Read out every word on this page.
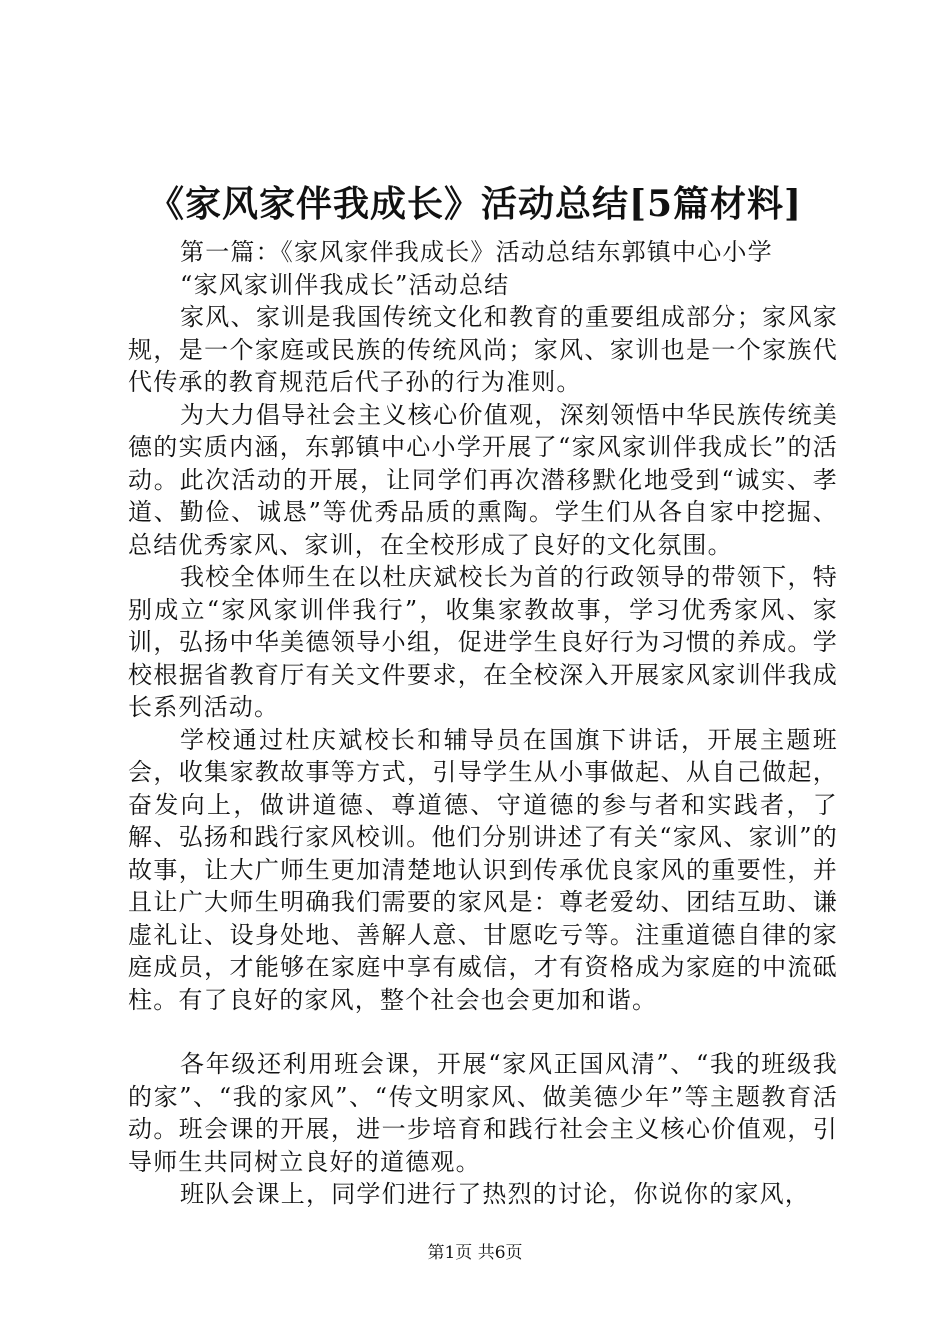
《家风家伴我成长》活动总结[5篇材料]

第一篇：《家风家伴我成长》活动总结东郭镇中心小学

“家风家训伴我成长”活动总结

家风、家训是我国传统文化和教育的重要组成部分；家风家规，是一个家庭或民族的传统风尚；家风、家训也是一个家族代代传承的教育规范后代子孙的行为准则。

为大力倡导社会主义核心价值观，深刻领悟中华民族传统美德的实质内涵，东郭镇中心小学开展了“家风家训伴我成长”的活动。此次活动的开展，让同学们再次潜移默化地受到“诚实、孝道、勤俭、诚恳”等优秀品质的熏陶。学生们从各自家中挖掘、总结优秀家风、家训，在全校形成了良好的文化氛围。

我校全体师生在以杜庆斌校长为首的行政领导的带领下，特别成立“家风家训伴我行”，收集家教故事，学习优秀家风、家训，弘扬中华美德领导小组，促进学生良好行为习惯的养成。学校根据省教育厅有关文件要求，在全校深入开展家风家训伴我成长系列活动。

学校通过杜庆斌校长和辅导员在国旗下讲话，开展主题班会，收集家教故事等方式，引导学生从小事做起、从自己做起，奋发向上，做讲道德、尊道德、守道德的参与者和实践者，了解、弘扬和践行家风校训。他们分别讲述了有关“家风、家训”的故事，让大广师生更加清楚地认识到传承优良家风的重要性，并且让广大师生明确我们需要的家风是：尊老爱幼、团结互助、谦虚礼让、设身处地、善解人意、甘愿吃亏等。注重道德自律的家庭成员，才能够在家庭中享有威信，才有资格成为家庭的中流砥柱。有了良好的家风，整个社会也会更加和谐。

各年级还利用班会课，开展“家风正国风清”、“我的班级我的家”、“我的家风”、“传文明家风、做美德少年”等主题教育活动。班会课的开展，进一步培育和践行社会主义核心价值观，引导师生共同树立良好的道德观。

班队会课上，同学们进行了热烈的讨论，你说你的家风，

第1页 共6页
